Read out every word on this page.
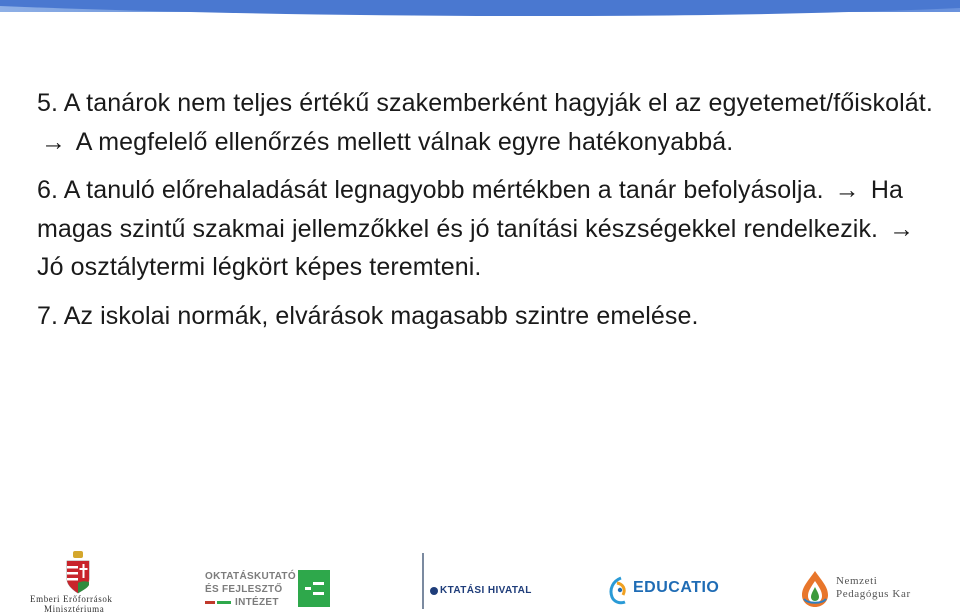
5. A tanárok nem teljes értékű szakemberként hagyják el az egyetemet/főiskolát. → A megfelelő ellenőrzés mellett válnak egyre hatékonyabbá.

6. A tanuló előrehaladását legnagyobb mértékben a tanár befolyásolja. → Ha magas szintű szakmai jellemzőkkel és jó tanítási készségekkel rendelkezik. → Jó osztálytermi légkört képes teremteni.

7. Az iskolai normák, elvárások magasabb szintre emelése.

Emberi Erőforrások
Minisztériuma
OKTATÁSKUTATÓ
ÉS FEJLESZTŐ
INTÉZET
KTATÁSI HIVATAL	EDUCATIO	Nemzeti
Pedagógus Kar
